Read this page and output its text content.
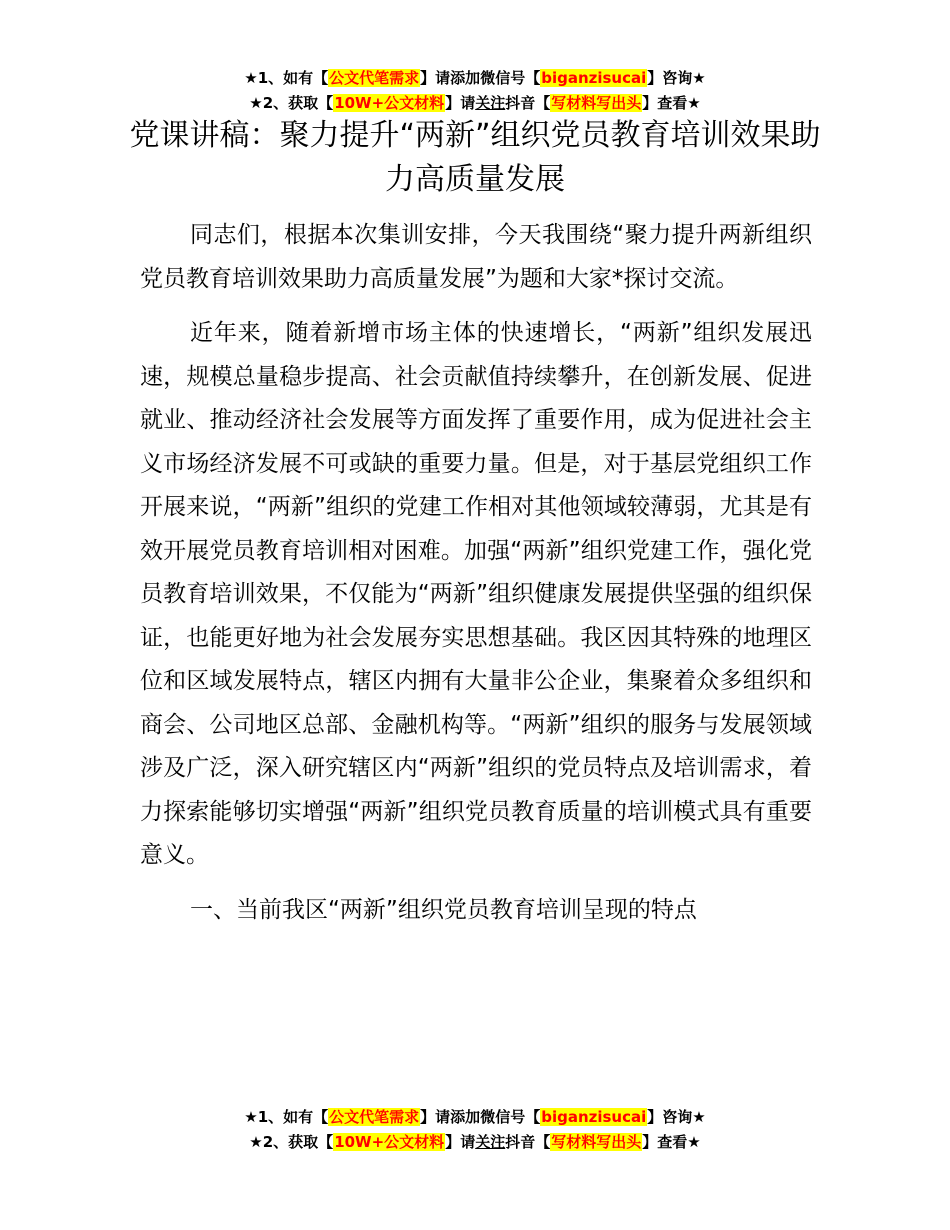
★1、如有【公文代笔需求】请添加微信号【biganzisucai】咨询★
★2、获取【10W+公文材料】请关注抖音【写材料写出头】查看★
党课讲稿：聚力提升“两新”组织党员教育培训效果助力高质量发展

同志们，根据本次集训安排，今天我围绕“聚力提升两新组织党员教育培训效果助力高质量发展”为题和大家*探讨交流。

近年来，随着新增市场主体的快速增长，“两新”组织发展迅速，规模总量稳步提高、社会贡献值持续攀升，在创新发展、促进就业、推动经济社会发展等方面发挥了重要作用，成为促进社会主义市场经济发展不可或缺的重要力量。但是，对于基层党组织工作开展来说，“两新”组织的党建工作相对其他领域较薄弱，尤其是有效开展党员教育培训相对困难。加强“两新”组织党建工作，强化党员教育培训效果，不仅能为“两新”组织健康发展提供坚强的组织保证，也能更好地为社会发展夯实思想基础。我区因其特殊的地理区位和区域发展特点，辖区内拥有大量非公企业，集聚着众多组织和商会、公司地区总部、金融机构等。“两新”组织的服务与发展领域涉及广泛，深入研究辖区内“两新”组织的党员特点及培训需求，着力探索能够切实增强“两新”组织党员教育质量的培训模式具有重要意义。

一、当前我区“两新”组织党员教育培训呈现的特点

★1、如有【公文代笔需求】请添加微信号【biganzisucai】咨询★
★2、获取【10W+公文材料】请关注抖音【写材料写出头】查看★
